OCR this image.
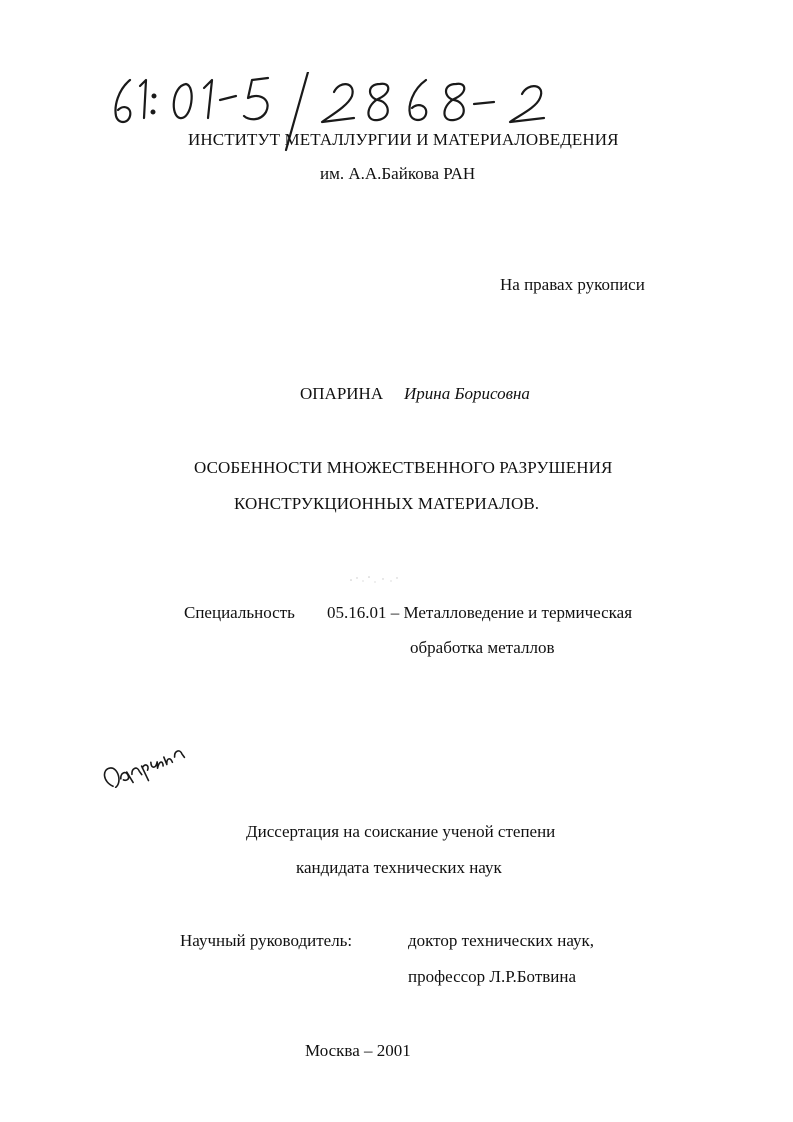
ИНСТИТУТ МЕТАЛЛУРГИИ И МАТЕРИАЛОВЕДЕНИЯ

им. А.А.Байкова РАН

На правах рукописи

ОПАРИНА Ирина Борисовна

ОСОБЕННОСТИ МНОЖЕСТВЕННОГО РАЗРУШЕНИЯ

КОНСТРУКЦИОННЫХ МАТЕРИАЛОВ.

Специальность 05.16.01 – Металловедение и термическая

обработка металлов

Диссертация на соискание ученой степени

кандидата технических наук

Научный руководитель:	доктор технических наук,

профессор Л.Р.Ботвина

Москва – 2001
